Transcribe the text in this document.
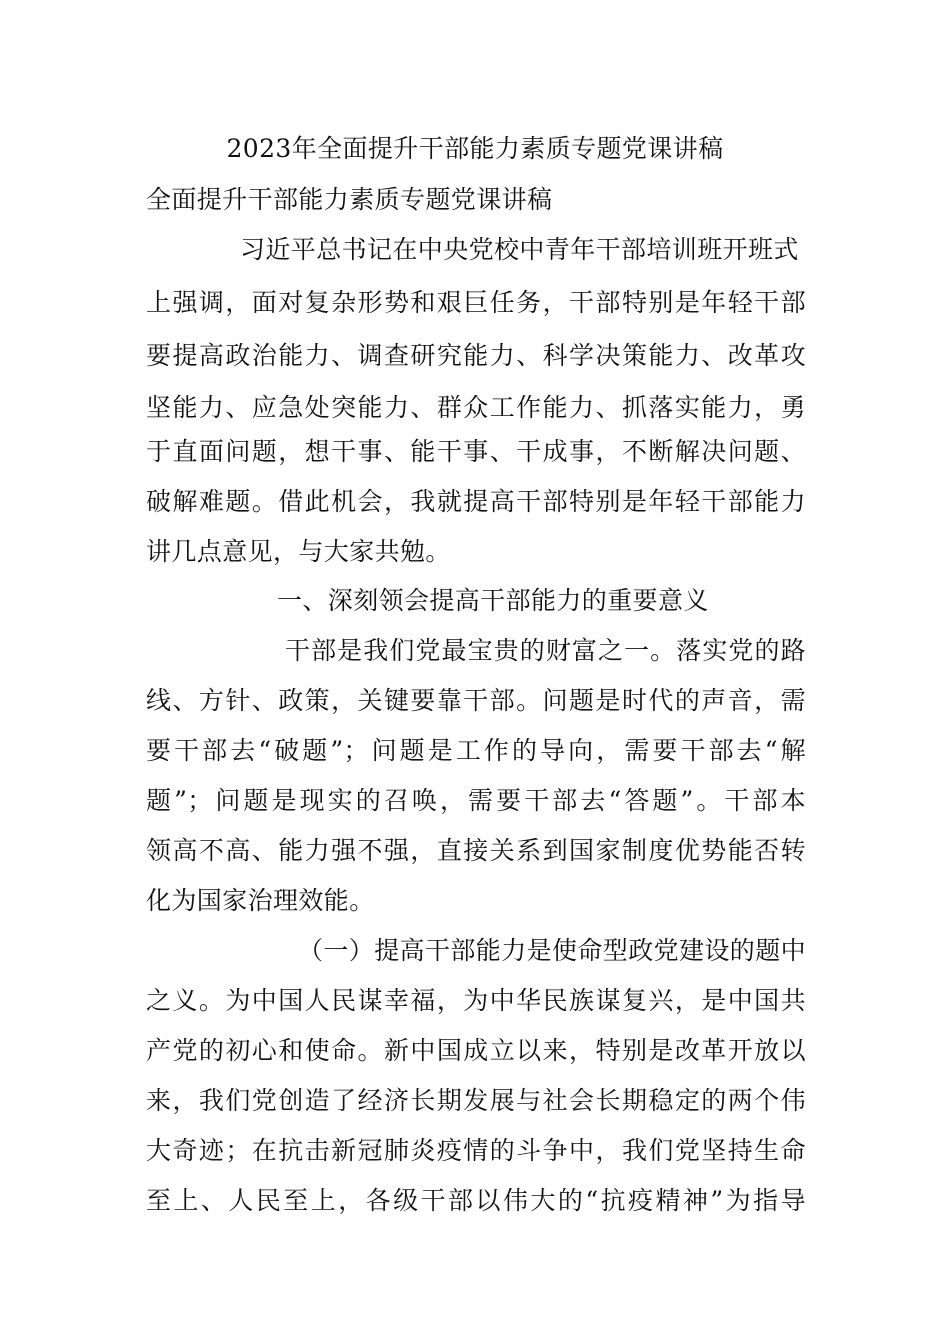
2023年全面提升干部能力素质专题党课讲稿
全面提升干部能力素质专题党课讲稿
习近平总书记在中央党校中青年干部培训班开班式
上强调，面对复杂形势和艰巨任务，干部特别是年轻干部
要提高政治能力、调查研究能力、科学决策能力、改革攻
坚能力、应急处突能力、群众工作能力、抓落实能力，勇
于直面问题，想干事、能干事、干成事，不断解决问题、
破解难题。借此机会，我就提高干部特别是年轻干部能力
讲几点意见，与大家共勉。
一、深刻领会提高干部能力的重要意义
干部是我们党最宝贵的财富之一。落实党的路
线、方针、政策，关键要靠干部。问题是时代的声音，需
要干部去“破题”；问题是工作的导向，需要干部去“解
题”；问题是现实的召唤，需要干部去“答题”。干部本
领高不高、能力强不强，直接关系到国家制度优势能否转
化为国家治理效能。
（一）提高干部能力是使命型政党建设的题中
之义。为中国人民谋幸福，为中华民族谋复兴，是中国共
产党的初心和使命。新中国成立以来，特别是改革开放以
来，我们党创造了经济长期发展与社会长期稳定的两个伟
大奇迹；在抗击新冠肺炎疫情的斗争中，我们党坚持生命
至上、人民至上，各级干部以伟大的“抗疫精神”为指导
